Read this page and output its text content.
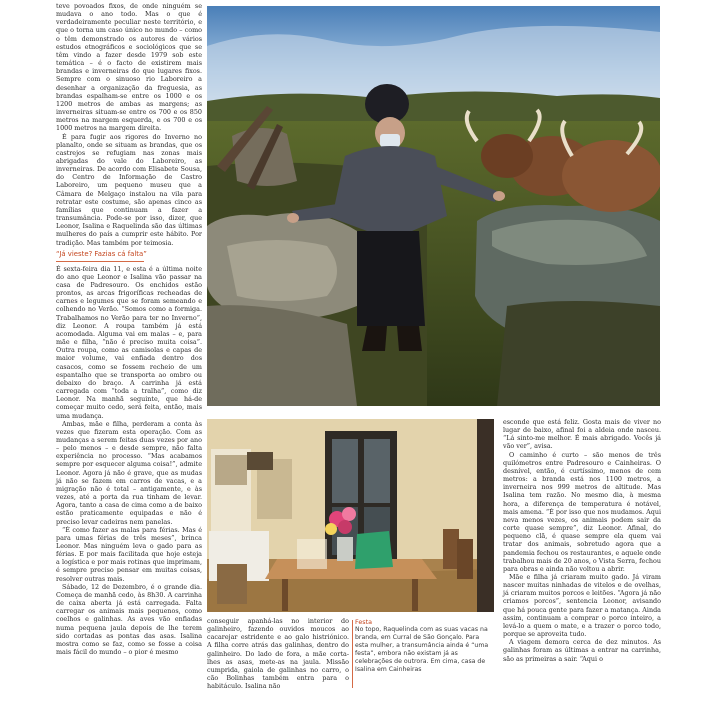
teve povoados fixos, de onde ninguém se mudava o ano todo. Mas o que é verdadeiramente peculiar neste território, e que o torna um caso único no mundo – como o têm demonstrado os autores de vários estudos etnográficos e sociológicos que se têm vindo a fazer desde 1979 sob este temática – é o facto de existirem mais brandas e inverneiras do que lugares fixos. Sempre com o sinuoso rio Laboreiro a desenhar a organização da freguesia, as brandas espalham-se entre os 1000 e os 1200 metros de ambas as margens; as inverneiras situam-se entre os 700 e os 850 metros na margem esquerda, e os 700 e os 1000 metros na margem direita.

É para fugir aos rigores do Inverno no planalto, onde se situam as brandas, que os castrejos se refugiam nas zonas mais abrigadas do vale do Laboreiro, as inverneiras. De acordo com Elisabete Sousa, do Centro de Informação de Castro Laboreiro, um pequeno museu que a Câmara de Melgaço instalou na vila para retratar este costume, são apenas cinco as famílias que continuam a fazer a transumância. Pode-se por isso, dizer, que Leonor, Isalina e Raquelinda são das últimas mulheres do país a cumprir este hábito. Por tradição. Mas também por teimosia.

“Já vieste? Fazias cá falta”

É sexta-feira dia 11, e esta é a última noite do ano que Leonor e Isalina vão passar na casa de Padresouro. Os enchidos estão prontos, as arcas frigoríficas recheadas de carnes e legumes que se foram semeando e colhendo no Verão. “Somos como a formiga. Trabalhamos no Verão para ter no Inverno”, diz Leonor. A roupa também já está acomodada. Alguma vai em malas – e, para mãe e filha, “não é preciso muita coisa”. Outra roupa, como as camisolas e capas de maior volume, vai enfiada dentro dos casacos, como se fossem recheio de um espantalho que se transporta ao ombro ou debaixo do braço. A carrinha já está carregada com “toda a tralha”, como diz Leonor. Na manhã seguinte, que há-de começar muito cedo, será feita, então, mais uma mudança.

Ambas, mãe e filha, perderam a conta às vezes que fizeram esta operação. Com as mudanças a serem feitas duas vezes por ano – pelo menos – e desde sempre, não falta experiência no processo. “Mas acabamos sempre por esquecer alguma coisa!”, admite Leonor. Agora já não é grave, que as mudas já não se fazem em carros de vacas, e a migração não é total – antigamente, e às vezes, até a porta da rua tinham de levar. Agora, tanto a casa de cima como a de baixo estão praticamente equipadas e não é preciso levar cadeiras nem panelas.

“É como fazer as malas para férias. Mas é para umas férias de três meses”, brinca Leonor. Mas ninguém leva o gado para as férias. E por mais facilitada que hoje esteja a logística e por mais rotinas que imprimam, é sempre preciso pensar em muitas coisas, resolver outras mais.

Sábado, 12 de Dezembro, é o grande dia. Começa de manhã cedo, às 8h30. A carrinha de caixa aberta já está carregada. Falta carregar os animais mais pequenos, como coelhos e galinhas. As aves vão enfiadas numa pequena jaula depois de lhe terem sido cortadas as pontas das asas. Isalina mostra como se faz, como se fosse a coisa mais fácil do mundo – o pior é mesmo

conseguir apanhá-las no interior do galinheiro, fazendo ouvidos moucos ao cacarejar estridente e ao galo histriónico. A filha corre atrás das galinhas, dentro do galinheiro. Do lado de fora, a mãe corta-lhes as asas, mete-as na jaula. Missão cumprida, gaiola de galinhas no carro, o cão Bolinhas também entra para o habitáculo. Isalina não

Festa
No topo, Raquelinda com as suas vacas na branda, em Curral de São Gonçalo. Para esta mulher, a transumância ainda é “uma festa”, embora não existam já as celebrações de outrora. Em cima, casa de Isalina em Cainheiras

esconde que está feliz. Gosta mais de viver no lugar de baixo, afinal foi a aldeia onde nasceu. “Lá sinto-me melhor. É mais abrigado. Vocês já vão ver”, avisa.

O caminho é curto – são menos de três quilómetros entre Padresouro e Cainheiras. O desnível, então, é curtíssimo, menos de cem metros: a branda está nos 1100 metros, a inverneira nos 999 metros de altitude. Mas Isalina tem razão. No mesmo dia, à mesma hora, a diferença de temperatura é notável, mais amena. “É por isso que nos mudamos. Aqui neva menos vezes, os animais podem sair da corte quase sempre”, diz Leonor. Afinal, do pequeno clã, é quase sempre ela quem vai tratar dos animais, sobretudo agora que a pandemia fechou os restaurantes, e aquele onde trabalhou mais de 20 anos, o Vista Serra, fechou para obras e ainda não voltou a abrir.

Mãe e filha já criaram muito gado. Já viram nascer muitas ninhadas de vitelos e de ovelhas, já criaram muitos porcos e leitões. “Agora já não criamos porcos”, sentencia Leonor, avisando que há pouca gente para fazer a matança. Ainda assim, continuam a comprar o porco inteiro, a levá-lo a quem o mate, e a trazer o porco todo, porque se aproveita tudo.

A viagem demora cerca de dez minutos. As galinhas foram as últimas a entrar na carrinha, são as primeiras a sair. “Aqui o
